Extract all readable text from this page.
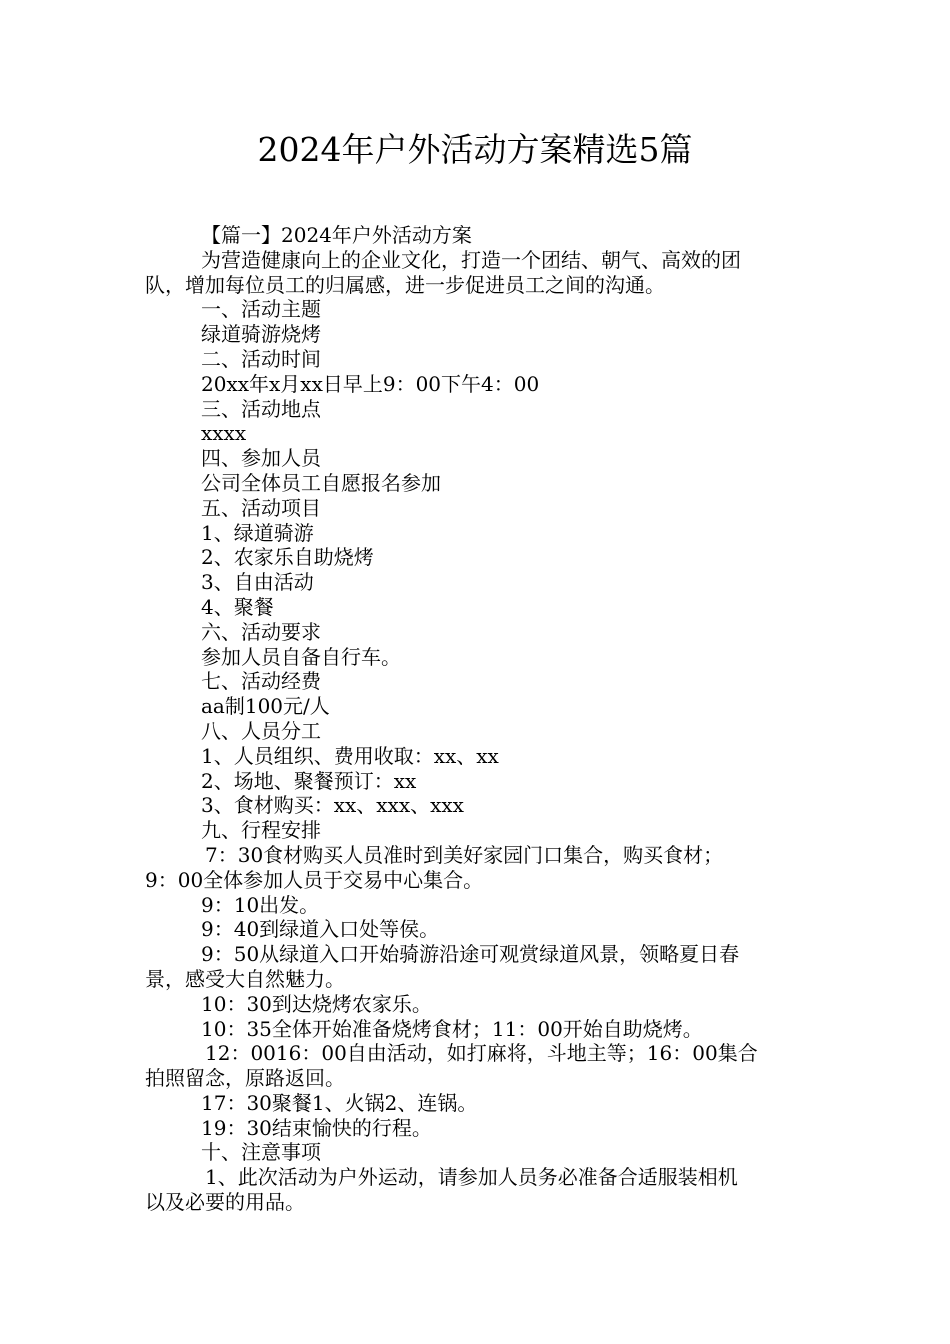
2024年户外活动方案精选5篇
【篇一】2024年户外活动方案
为营造健康向上的企业文化，打造一个团结、朝气、高效的团
队，增加每位员工的归属感，进一步促进员工之间的沟通。
一、活动主题
绿道骑游烧烤
二、活动时间
20xx年x月xx日早上9：00下午4：00
三、活动地点
xxxx
四、参加人员
公司全体员工自愿报名参加
五、活动项目
1、绿道骑游
2、农家乐自助烧烤
3、自由活动
4、聚餐
六、活动要求
参加人员自备自行车。
七、活动经费
aa制100元/人
八、人员分工
1、人员组织、费用收取：xx、xx
2、场地、聚餐预订：xx
3、食材购买：xx、xxx、xxx
九、行程安排
7：30食材购买人员准时到美好家园门口集合，购买食材；
9：00全体参加人员于交易中心集合。
9：10出发。
9：40到绿道入口处等侯。
9：50从绿道入口开始骑游沿途可观赏绿道风景，领略夏日春
景，感受大自然魅力。
10：30到达烧烤农家乐。
10：35全体开始准备烧烤食材；11：00开始自助烧烤。
12：0016：00自由活动，如打麻将，斗地主等；16：00集合
拍照留念，原路返回。
17：30聚餐1、火锅2、连锅。
19：30结束愉快的行程。
十、注意事项
1、此次活动为户外运动，请参加人员务必准备合适服装相机
以及必要的用品。
